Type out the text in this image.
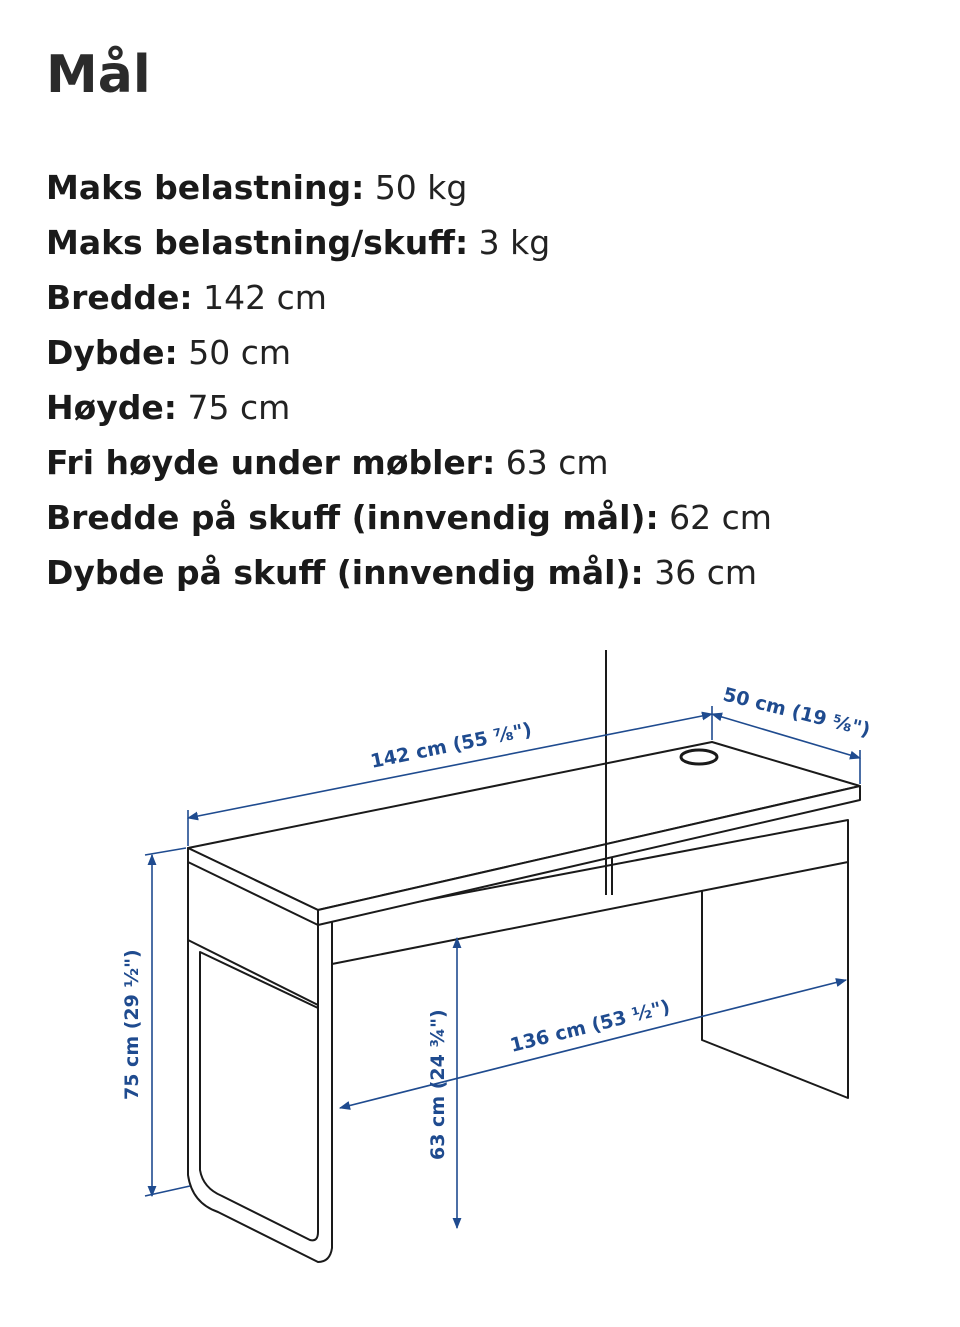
Mål
Maks belastning: 50 kg
Maks belastning/skuff: 3 kg
Bredde: 142 cm
Dybde: 50 cm
Høyde: 75 cm
Fri høyde under møbler: 63 cm
Bredde på skuff (innvendig mål): 62 cm
Dybde på skuff (innvendig mål): 36 cm
142 cm (55 ⅞")
50 cm (19 ⅝")
75 cm (29 ½")	63 cm (24 ¾")	136 cm (53 ½")
